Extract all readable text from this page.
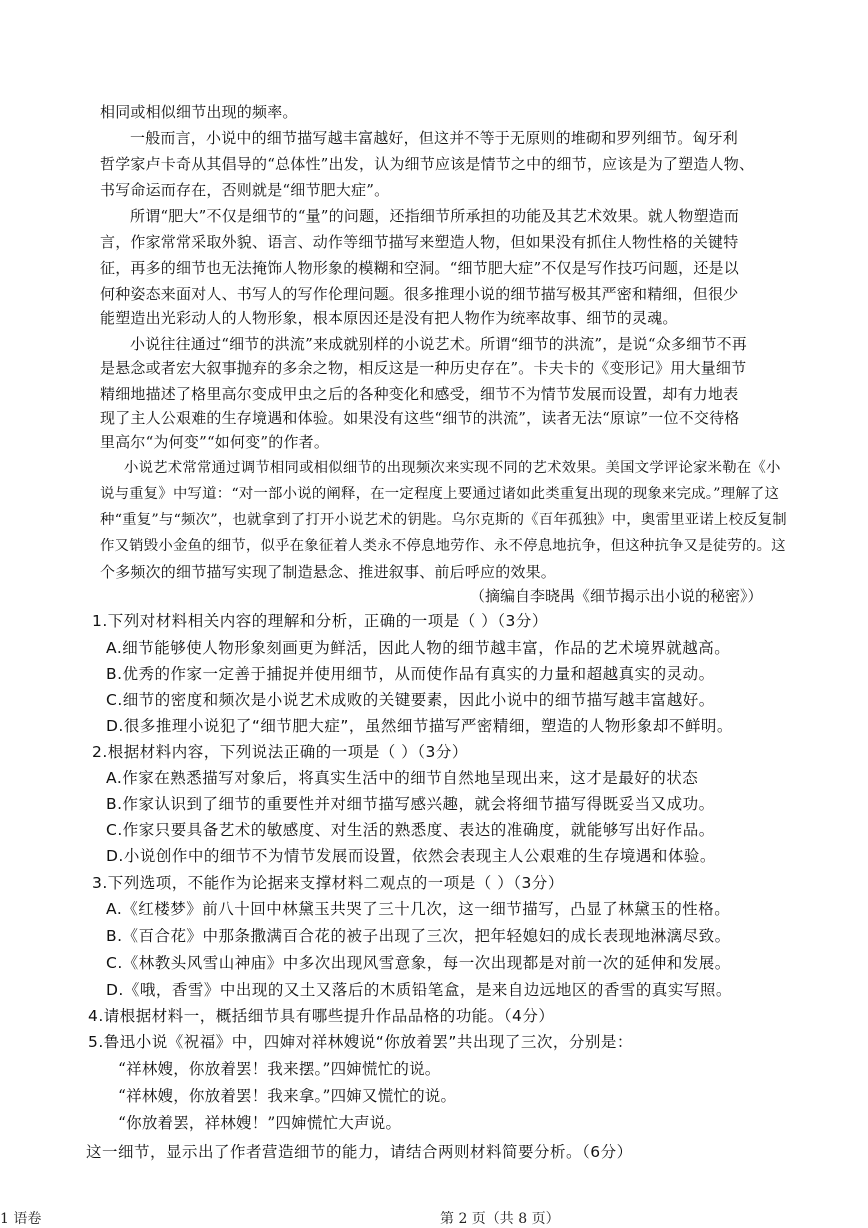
相同或相似细节出现的频率。
一般而言，小说中的细节描写越丰富越好，但这并不等于无原则的堆砌和罗列细节。匈牙利
哲学家卢卡奇从其倡导的“总体性”出发，认为细节应该是情节之中的细节，应该是为了塑造人物、
书写命运而存在，否则就是“细节肥大症”。
所谓“肥大”不仅是细节的“量”的问题，还指细节所承担的功能及其艺术效果。就人物塑造而
言，作家常常采取外貌、语言、动作等细节描写来塑造人物，但如果没有抓住人物性格的关键特
征，再多的细节也无法掩饰人物形象的模糊和空洞。“细节肥大症”不仅是写作技巧问题，还是以
何种姿态来面对人、书写人的写作伦理问题。很多推理小说的细节描写极其严密和精细，但很少
能塑造出光彩动人的人物形象，根本原因还是没有把人物作为统率故事、细节的灵魂。
小说往往通过“细节的洪流”来成就别样的小说艺术。所谓“细节的洪流”，是说“众多细节不再
是悬念或者宏大叙事抛弃的多余之物，相反这是一种历史存在”。卡夫卡的《变形记》用大量细节
精细地描述了格里高尔变成甲虫之后的各种变化和感受，细节不为情节发展而设置，却有力地表
现了主人公艰难的生存境遇和体验。如果没有这些“细节的洪流”，读者无法“原谅”一位不交待格
里高尔“为何变”“如何变”的作者。
小说艺术常常通过调节相同或相似细节的出现频次来实现不同的艺术效果。美国文学评论家米勒在《小
说与重复》中写道：“对一部小说的阐释，在一定程度上要通过诸如此类重复出现的现象来完成。”理解了这
种“重复”与“频次”，也就拿到了打开小说艺术的钥匙。乌尔克斯的《百年孤独》中，奥雷里亚诺上校反复制
作又销毁小金鱼的细节，似乎在象征着人类永不停息地劳作、永不停息地抗争，但这种抗争又是徒劳的。这
个多频次的细节描写实现了制造悬念、推进叙事、前后呼应的效果。
（摘编自李晓禺《细节揭示出小说的秘密》）
1.下列对材料相关内容的理解和分析，正确的一项是（ ）（3分）
A.细节能够使人物形象刻画更为鲜活，因此人物的细节越丰富，作品的艺术境界就越高。
B.优秀的作家一定善于捕捉并使用细节，从而使作品有真实的力量和超越真实的灵动。
C.细节的密度和频次是小说艺术成败的关键要素，因此小说中的细节描写越丰富越好。
D.很多推理小说犯了“细节肥大症”，虽然细节描写严密精细，塑造的人物形象却不鲜明。
2.根据材料内容，下列说法正确的一项是（ ）（3分）
A.作家在熟悉描写对象后，将真实生活中的细节自然地呈现出来，这才是最好的状态
B.作家认识到了细节的重要性并对细节描写感兴趣，就会将细节描写得既妥当又成功。
C.作家只要具备艺术的敏感度、对生活的熟悉度、表达的准确度，就能够写出好作品。
D.小说创作中的细节不为情节发展而设置，依然会表现主人公艰难的生存境遇和体验。
3.下列选项，不能作为论据来支撑材料二观点的一项是（ ）（3分）
A.《红楼梦》前八十回中林黛玉共哭了三十几次，这一细节描写，凸显了林黛玉的性格。
B.《百合花》中那条撒满百合花的被子出现了三次，把年轻媳妇的成长表现地淋漓尽致。
C.《林教头风雪山神庙》中多次出现风雪意象，每一次出现都是对前一次的延伸和发展。
D.《哦，香雪》中出现的又土又落后的木质铅笔盒，是来自边远地区的香雪的真实写照。
4.请根据材料一，概括细节具有哪些提升作品品格的功能。（4分）
5.鲁迅小说《祝福》中，四婶对祥林嫂说“你放着罢”共出现了三次，分别是：
“祥林嫂，你放着罢！我来摆。”四婶慌忙的说。
“祥林嫂，你放着罢！我来拿。”四婶又慌忙的说。
“你放着罢，祥林嫂！”四婶慌忙大声说。
这一细节，显示出了作者营造细节的能力，请结合两则材料简要分析。（6分）
1 语卷	第 2 页（共 8 页）
